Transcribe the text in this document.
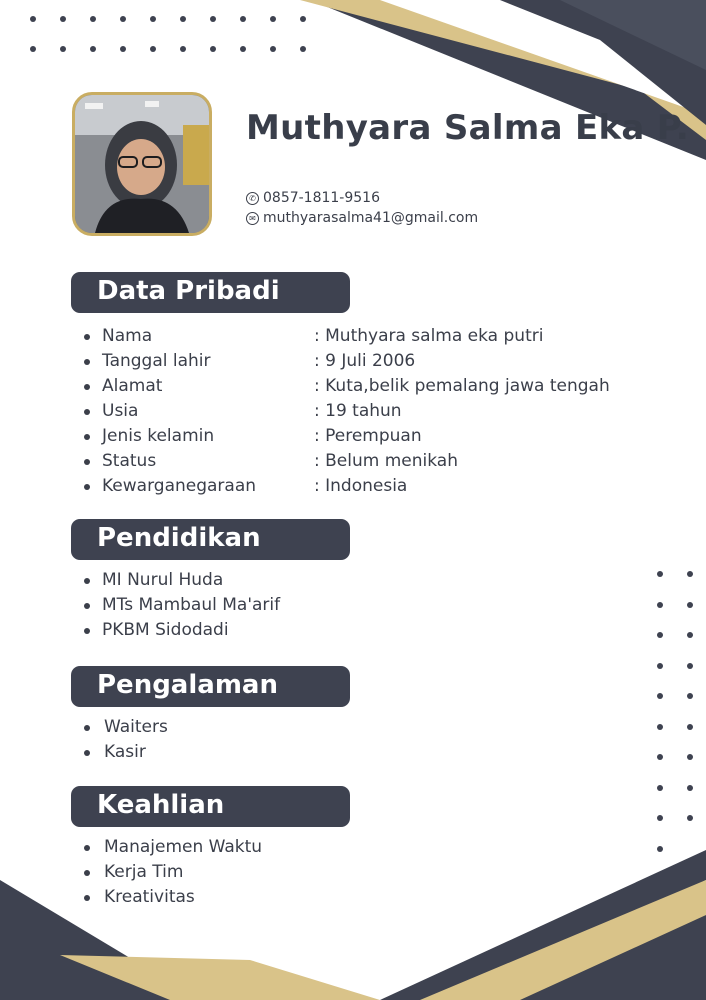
Muthyara Salma Eka P.
✆ 0857-1811-9516
✉ muthyarasalma41@gmail.com
Data Pribadi
Nama	: Muthyara salma eka putri
Tanggal lahir	: 9 Juli 2006
Alamat	: Kuta,belik pemalang jawa tengah
Usia	: 19 tahun
Jenis kelamin	: Perempuan
Status	: Belum menikah
Kewarganegaraan	: Indonesia
Pendidikan
MI Nurul Huda
MTs Mambaul Ma'arif
PKBM Sidodadi
Pengalaman
Waiters
Kasir
Keahlian
Manajemen Waktu
Kerja Tim
Kreativitas
